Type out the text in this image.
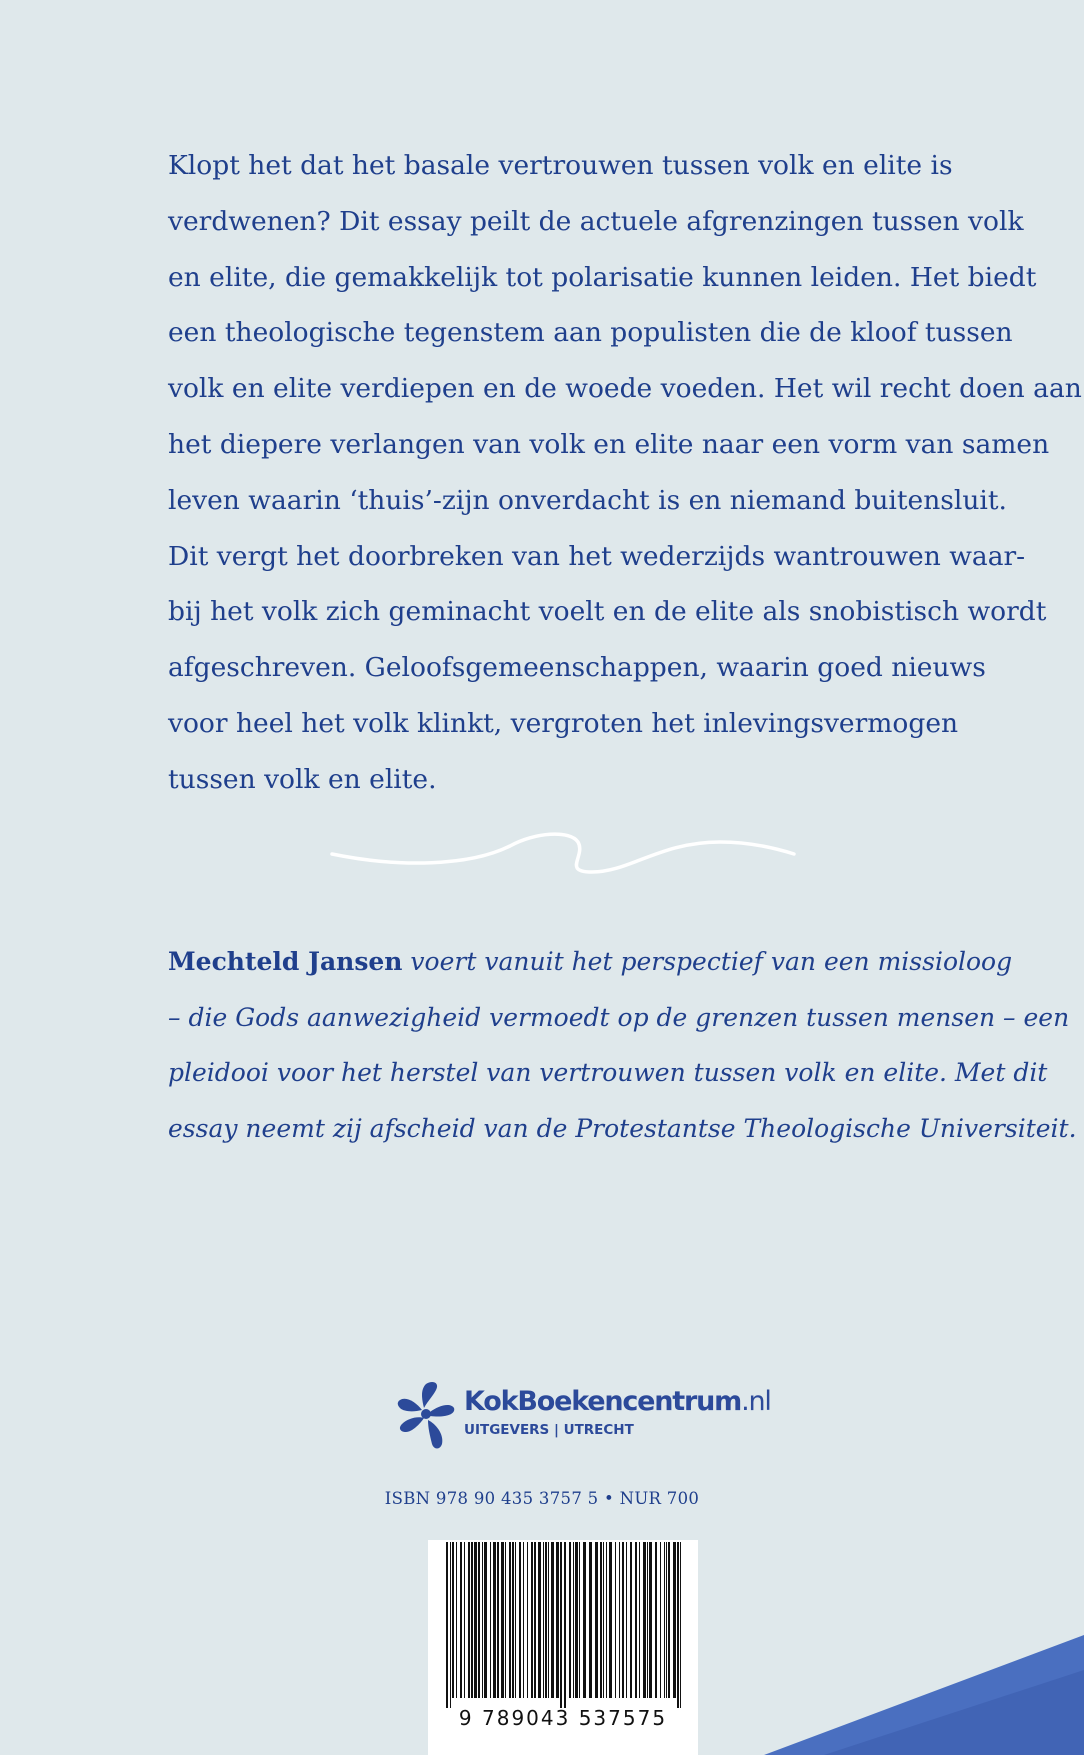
Klopt het dat het basale vertrouwen tussen volk en elite is
verdwenen? Dit essay peilt de actuele afgrenzingen tussen volk
en elite, die gemakkelijk tot polarisatie kunnen leiden. Het biedt
een theologische tegenstem aan populisten die de kloof tussen
volk en elite verdiepen en de woede voeden. Het wil recht doen aan
het diepere verlangen van volk en elite naar een vorm van samen
leven waarin ‘thuis’-zijn onverdacht is en niemand buitensluit.
Dit vergt het doorbreken van het wederzijds wantrouwen waar-
bij het volk zich geminacht voelt en de elite als snobistisch wordt
afgeschreven. Geloofsgemeenschappen, waarin goed nieuws
voor heel het volk klinkt, vergroten het inlevingsvermogen
tussen volk en elite.
Mechteld Jansen voert vanuit het perspectief van een missioloog
– die Gods aanwezigheid vermoedt op de grenzen tussen mensen – een
pleidooi voor het herstel van vertrouwen tussen volk en elite. Met dit
essay neemt zij afscheid van de Protestantse Theologische Universiteit.
KokBoekencentrum.nl
UITGEVERS | UTRECHT
ISBN 978 90 435 3757 5 • NUR 700
9 789043 537575
